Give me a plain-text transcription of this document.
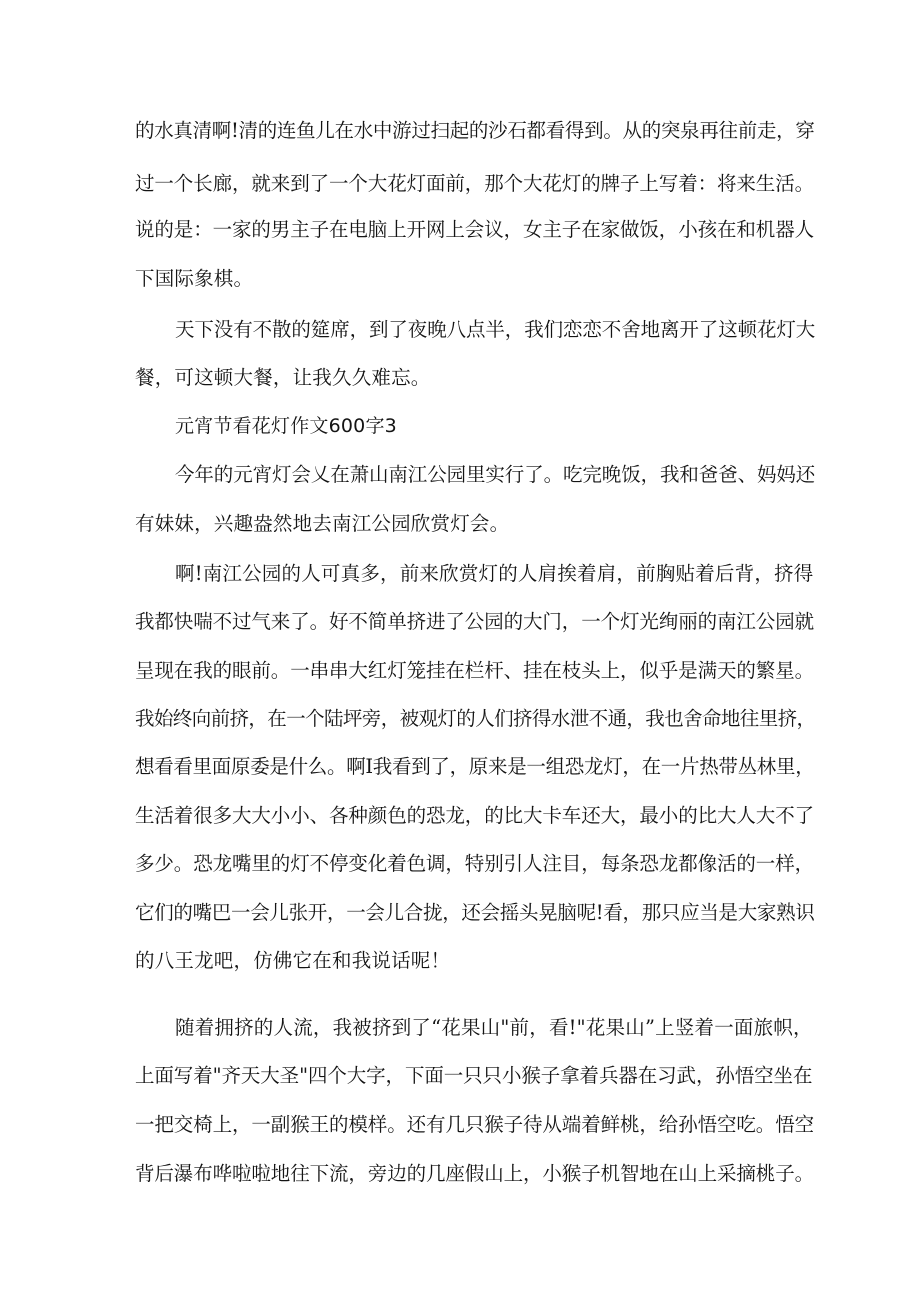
的水真清啊!清的连鱼儿在水中游过扫起的沙石都看得到。从的突泉再往前走，穿
过一个长廊，就来到了一个大花灯面前，那个大花灯的牌子上写着：将来生活。
说的是：一家的男主子在电脑上开网上会议，女主子在家做饭，小孩在和机器人
下国际象棋。
天下没有不散的筵席，到了夜晚八点半，我们恋恋不舍地离开了这顿花灯大
餐，可这顿大餐，让我久久难忘。
元宵节看花灯作文600字3
今年的元宵灯会乂在萧山南江公园里实行了。吃完晚饭，我和爸爸、妈妈还
有妹妹，兴趣盎然地去南江公园欣赏灯会。
啊!南江公园的人可真多，前来欣赏灯的人肩挨着肩，前胸贴着后背，挤得
我都快喘不过气来了。好不简单挤进了公园的大门，一个灯光绚丽的南江公园就
呈现在我的眼前。一串串大红灯笼挂在栏杆、挂在枝头上，似乎是满天的繁星。
我始终向前挤，在一个陆坪旁，被观灯的人们挤得水泄不通，我也舍命地往里挤，
想看看里面原委是什么。啊I我看到了，原来是一组恐龙灯，在一片热带丛林里，
生活着很多大大小小、各种颜色的恐龙，的比大卡车还大，最小的比大人大不了
多少。恐龙嘴里的灯不停变化着色调，特别引人注目，每条恐龙都像活的一样，
它们的嘴巴一会儿张开，一会儿合拢，还会摇头晃脑呢!看，那只应当是大家熟识
的八王龙吧，仿佛它在和我说话呢！
随着拥挤的人流，我被挤到了“花果山"前，看!"花果山”上竖着一面旅帜，
上面写着"齐天大圣"四个大字，下面一只只小猴子拿着兵器在习武，孙悟空坐在
一把交椅上，一副猴王的模样。还有几只猴子待从端着鲜桃，给孙悟空吃。悟空
背后瀑布哗啦啦地往下流，旁边的几座假山上，小猴子机智地在山上采摘桃子。
